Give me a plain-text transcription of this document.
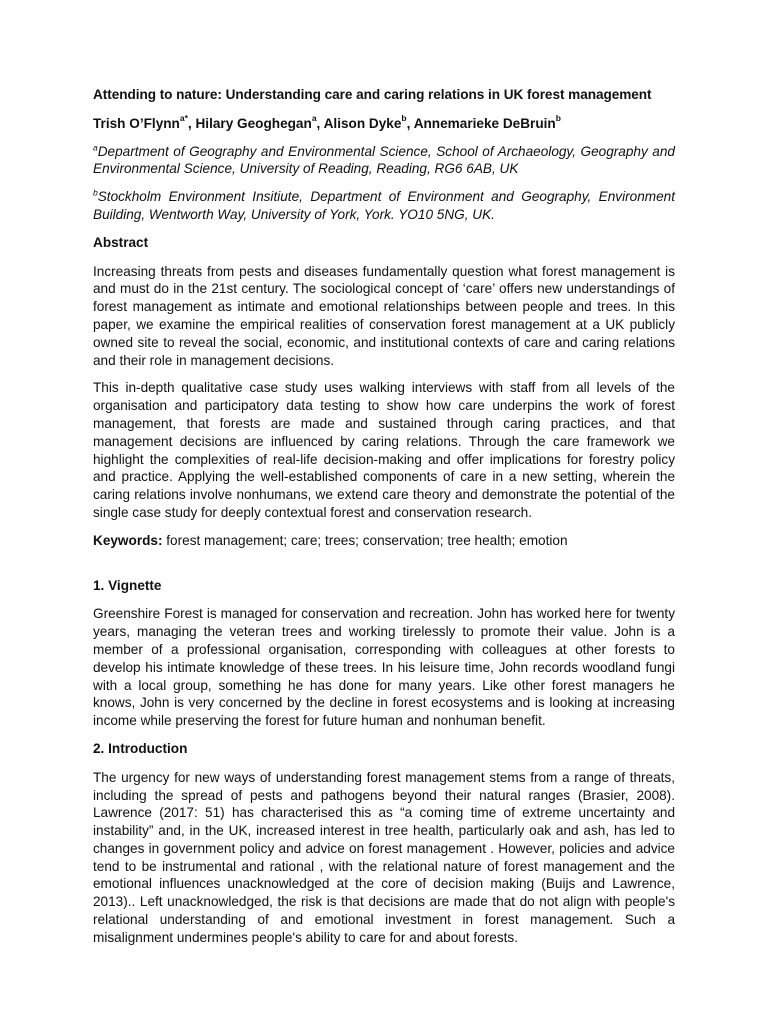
Attending to nature: Understanding care and caring relations in UK forest management
Trish O’Flynn$^{a*}$, Hilary Geoghegan$^a$, Alison Dyke$^b$, Annemarieke DeBruin$^b$
$^a$Department of Geography and Environmental Science, School of Archaeology, Geography and Environmental Science, University of Reading, Reading, RG6 6AB, UK
$^b$Stockholm Environment Insitiute, Department of Environment and Geography, Environment Building, Wentworth Way, University of York, York. YO10 5NG, UK.
Abstract

Increasing threats from pests and diseases fundamentally question what forest management is and must do in the 21st century. The sociological concept of ‘care’ offers new understandings of forest management as intimate and emotional relationships between people and trees. In this paper, we examine the empirical realities of conservation forest management at a UK publicly owned site to reveal the social, economic, and institutional contexts of care and caring relations and their role in management decisions.

This in-depth qualitative case study uses walking interviews with staff from all levels of the organisation and participatory data testing to show how care underpins the work of forest management, that forests are made and sustained through caring practices, and that management decisions are influenced by caring relations. Through the care framework we highlight the complexities of real-life decision-making and offer implications for forestry policy and practice. Applying the well-established components of care in a new setting, wherein the caring relations involve nonhumans, we extend care theory and demonstrate the potential of the single case study for deeply contextual forest and conservation research.

Keywords: forest management; care; trees; conservation; tree health; emotion

1. Vignette

Greenshire Forest is managed for conservation and recreation. John has worked here for twenty years, managing the veteran trees and working tirelessly to promote their value. John is a member of a professional organisation, corresponding with colleagues at other forests to develop his intimate knowledge of these trees. In his leisure time, John records woodland fungi with a local group, something he has done for many years. Like other forest managers he knows, John is very concerned by the decline in forest ecosystems and is looking at increasing income while preserving the forest for future human and nonhuman benefit.

2. Introduction

The urgency for new ways of understanding forest management stems from a range of threats, including the spread of pests and pathogens beyond their natural ranges (Brasier, 2008). Lawrence (2017: 51) has characterised this as “a coming time of extreme uncertainty and instability” and, in the UK, increased interest in tree health, particularly oak and ash, has led to changes in government policy and advice on forest management . However, policies and advice tend to be instrumental and rational , with the relational nature of forest management and the emotional influences unacknowledged at the core of decision making (Buijs and Lawrence, 2013).. Left unacknowledged, the risk is that decisions are made that do not align with people's relational understanding of and emotional investment in forest management. Such a misalignment undermines people's ability to care for and about forests.
